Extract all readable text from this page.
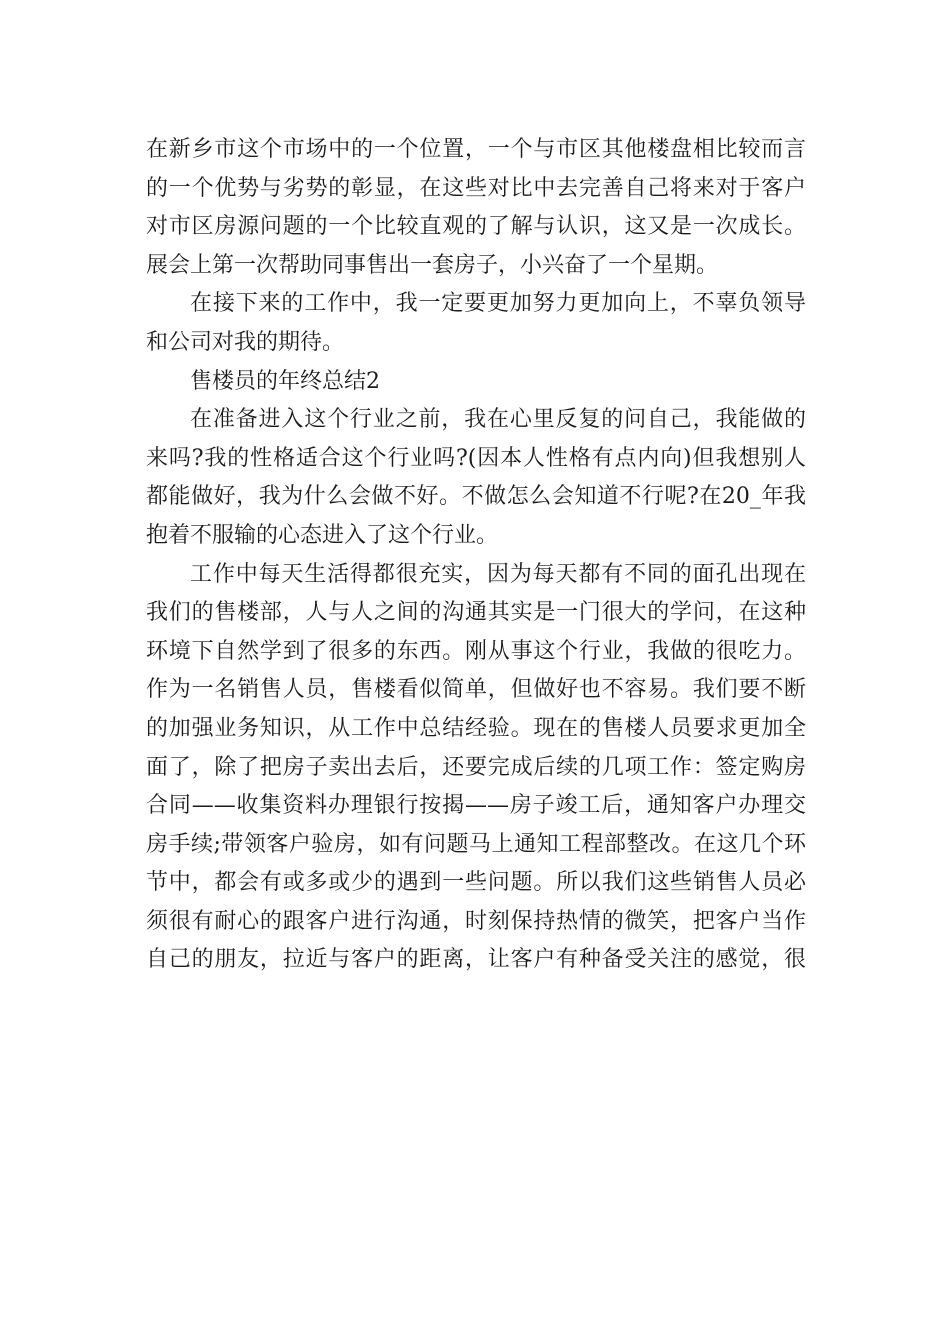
在新乡市这个市场中的一个位置，一个与市区其他楼盘相比较而言
的一个优势与劣势的彰显，在这些对比中去完善自己将来对于客户
对市区房源问题的一个比较直观的了解与认识，这又是一次成长。
展会上第一次帮助同事售出一套房子，小兴奋了一个星期。
在接下来的工作中，我一定要更加努力更加向上，不辜负领导
和公司对我的期待。
售楼员的年终总结2
在准备进入这个行业之前，我在心里反复的问自己，我能做的
来吗?我的性格适合这个行业吗?(因本人性格有点内向)但我想别人
都能做好，我为什么会做不好。不做怎么会知道不行呢?在20_年我
抱着不服输的心态进入了这个行业。
工作中每天生活得都很充实，因为每天都有不同的面孔出现在
我们的售楼部，人与人之间的沟通其实是一门很大的学问，在这种
环境下自然学到了很多的东西。刚从事这个行业，我做的很吃力。
作为一名销售人员，售楼看似简单，但做好也不容易。我们要不断
的加强业务知识，从工作中总结经验。现在的售楼人员要求更加全
面了，除了把房子卖出去后，还要完成后续的几项工作：签定购房
合同——收集资料办理银行按揭——房子竣工后，通知客户办理交
房手续;带领客户验房，如有问题马上通知工程部整改。在这几个环
节中，都会有或多或少的遇到一些问题。所以我们这些销售人员必
须很有耐心的跟客户进行沟通，时刻保持热情的微笑，把客户当作
自己的朋友，拉近与客户的距离，让客户有种备受关注的感觉，很
